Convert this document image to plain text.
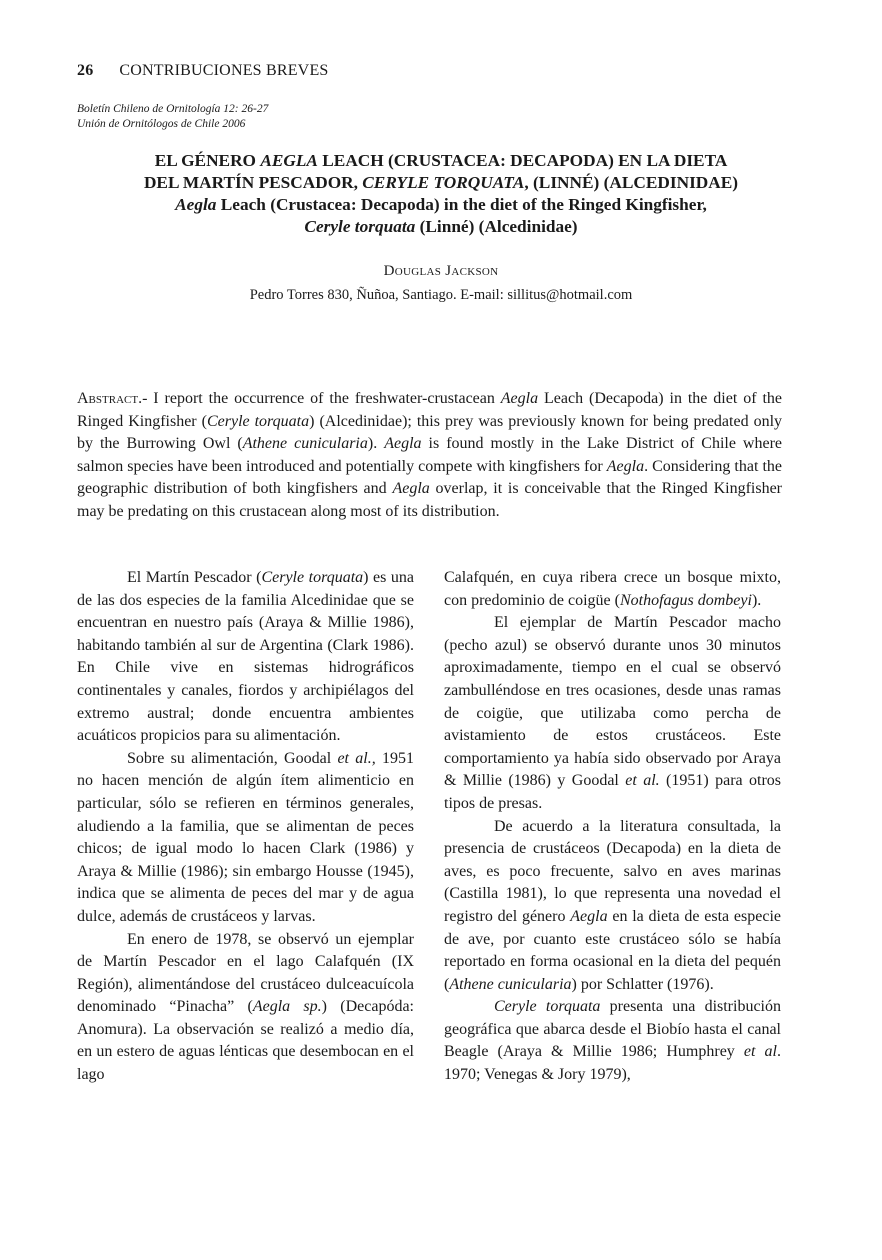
26 CONTRIBUCIONES BREVES
Boletín Chileno de Ornitología 12: 26-27
Unión de Ornitólogos de Chile 2006
EL GÉNERO AEGLA LEACH (CRUSTACEA: DECAPODA) EN LA DIETA
DEL MARTÍN PESCADOR, CERYLE TORQUATA, (LINNÉ) (ALCEDINIDAE)
Aegla Leach (Crustacea: Decapoda) in the diet of the Ringed Kingfisher,
Ceryle torquata (Linné) (Alcedinidae)
Douglas Jackson
Pedro Torres 830, Ñuñoa, Santiago. E-mail: sillitus@hotmail.com
Abstract.- I report the occurrence of the freshwater-crustacean Aegla Leach (Decapoda) in the diet of the Ringed Kingfisher (Ceryle torquata) (Alcedinidae); this prey was previously known for being predated only by the Burrowing Owl (Athene cunicularia). Aegla is found mostly in the Lake District of Chile where salmon species have been introduced and potentially compete with kingfishers for Aegla. Considering that the geographic distribution of both kingfishers and Aegla overlap, it is conceivable that the Ringed Kingfisher may be predating on this crustacean along most of its distribution.

El Martín Pescador (Ceryle torquata) es una de las dos especies de la familia Alcedinidae que se encuentran en nuestro país (Araya & Millie 1986), habitando también al sur de Argentina (Clark 1986). En Chile vive en sistemas hidrográficos continentales y canales, fiordos y archipiélagos del extremo austral; donde encuentra ambientes acuáticos propicios para su alimentación.

Sobre su alimentación, Goodal et al., 1951 no hacen mención de algún ítem alimenticio en particular, sólo se refieren en términos generales, aludiendo a la familia, que se alimentan de peces chicos; de igual modo lo hacen Clark (1986) y Araya & Millie (1986); sin embargo Housse (1945), indica que se alimenta de peces del mar y de agua dulce, además de crustáceos y larvas.

En enero de 1978, se observó un ejemplar de Martín Pescador en el lago Calafquén (IX Región), alimentándose del crustáceo dulceacuícola denominado “Pinacha” (Aegla sp.) (Decapóda: Anomura). La observación se realizó a medio día, en un estero de aguas lénticas que desembocan en el lago

Calafquén, en cuya ribera crece un bosque mixto, con predominio de coigüe (Nothofagus dombeyi).

El ejemplar de Martín Pescador macho (pecho azul) se observó durante unos 30 minutos aproximadamente, tiempo en el cual se observó zambulléndose en tres ocasiones, desde unas ramas de coigüe, que utilizaba como percha de avistamiento de estos crustáceos. Este comportamiento ya había sido observado por Araya & Millie (1986) y Goodal et al. (1951) para otros tipos de presas.

De acuerdo a la literatura consultada, la presencia de crustáceos (Decapoda) en la dieta de aves, es poco frecuente, salvo en aves marinas (Castilla 1981), lo que representa una novedad el registro del género Aegla en la dieta de esta especie de ave, por cuanto este crustáceo sólo se había reportado en forma ocasional en la dieta del pequén (Athene cunicularia) por Schlatter (1976).

Ceryle torquata presenta una distribución geográfica que abarca desde el Biobío hasta el canal Beagle (Araya & Millie 1986; Humphrey et al. 1970; Venegas & Jory 1979),
